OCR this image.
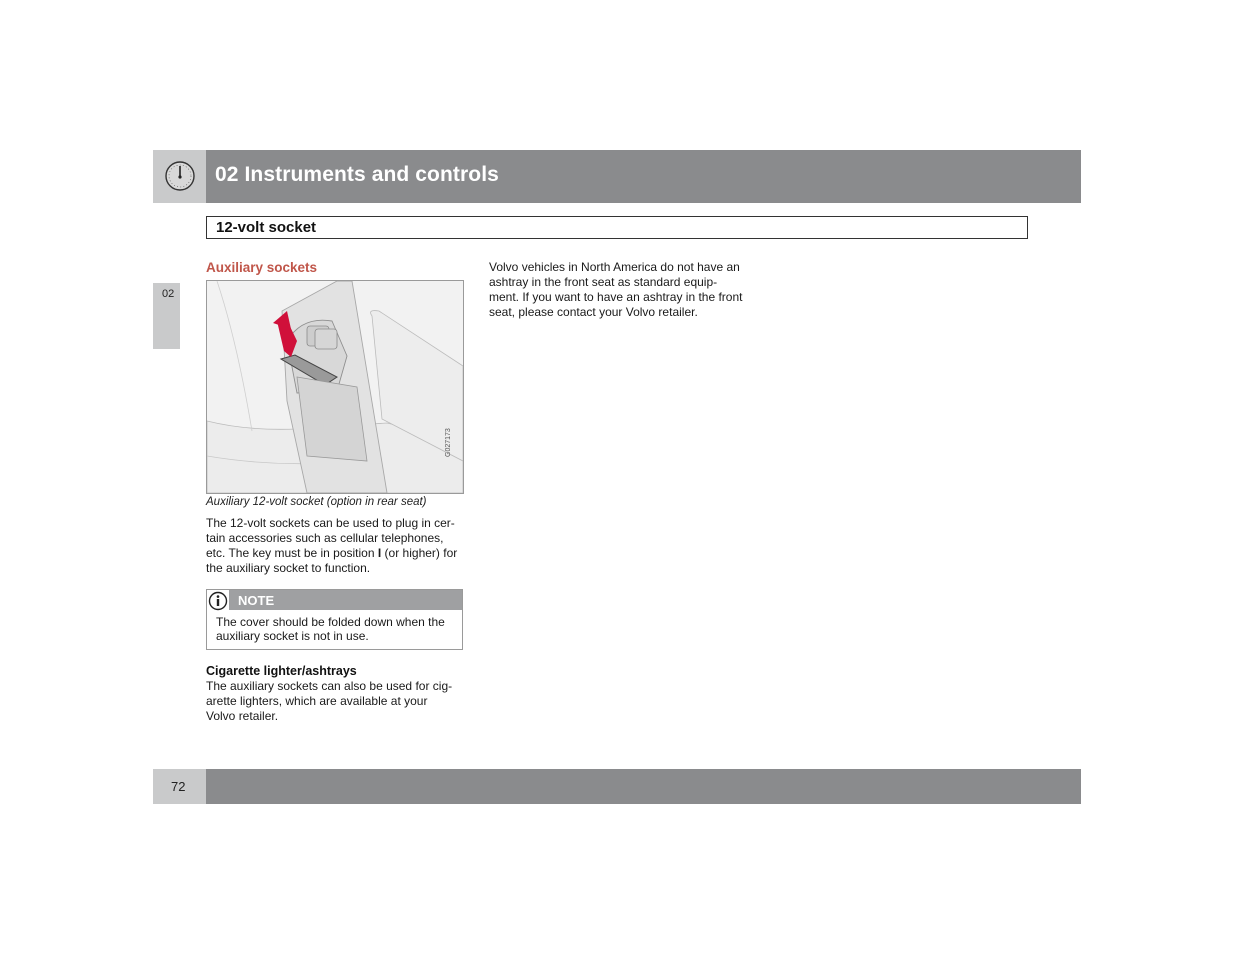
02 Instruments and controls
12-volt socket
02
Auxiliary sockets
G027173
Auxiliary 12-volt socket (option in rear seat)
The 12-volt sockets can be used to plug in cer-
tain accessories such as cellular telephones,
etc. The key must be in position I (or higher) for
the auxiliary socket to function.
NOTE
The cover should be folded down when the
auxiliary socket is not in use.
Cigarette lighter/ashtrays
The auxiliary sockets can also be used for cig-
arette lighters, which are available at your
Volvo retailer.
Volvo vehicles in North America do not have an
ashtray in the front seat as standard equip-
ment. If you want to have an ashtray in the front
seat, please contact your Volvo retailer.
72
